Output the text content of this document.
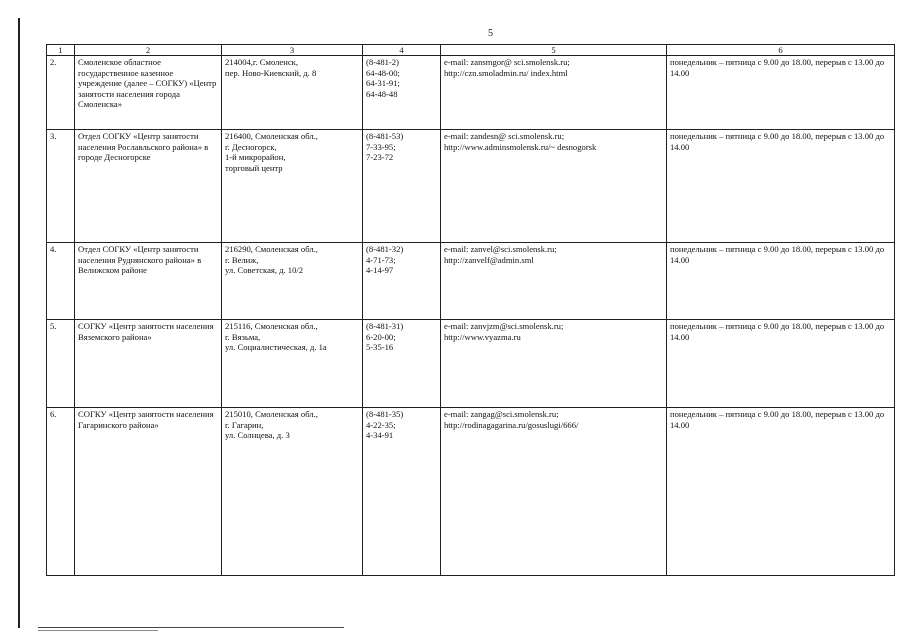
5
1	2	3	4	5	6
2.	Смоленское областное государственное казенное учреждение (далее – СОГКУ) «Центр занятости населения города Смоленска»	214004,г. Смоленск,
пер. Ново-Киевский, д. 8	(8-481-2)
64-48-00;
64-31-91;
64-48-48	e-mail: zansmgor@ sci.smolensk.ru;
http://czn.smoladmin.ru/ index.html	понедельник – пятница с 9.00 до 18.00, перерыв с 13.00 до 14.00

3.	Отдел СОГКУ «Центр занятости населения Рославльского района» в городе Десногорске	216400, Смоленская обл.,
г. Десногорск,
1-й микрорайон,
торговый центр	(8-481-53)
7-33-95;
7-23-72	e-mail: zandesn@ sci.smolensk.ru;
http://www.adminsmolensk.ru/~ desnogorsk	понедельник – пятница с 9.00 до 18.00, перерыв с 13.00 до 14.00

4.	Отдел СОГКУ «Центр занятости населения Руднянского района» в Велижском районе	216290, Смоленская обл.,
г. Велиж,
ул. Советская, д. 10/2	(8-481-32)
4-71-73;
4-14-97	e-mail: zanvel@sci.smolensk.ru;
http://zanvelf@admin.sml	понедельник – пятница с 9.00 до 18.00, перерыв с 13.00 до 14.00

5.	СОГКУ «Центр занятости населения Вяземского района»	215116, Смоленская обл.,
г. Вязьма,
ул. Социалистическая, д. 1а	(8-481-31)
6-20-00;
5-35-16	e-mail: zanvjzm@sci.smolensk.ru;
http://www.vyazma.ru	понедельник – пятница с 9.00 до 18.00, перерыв с 13.00 до 14.00

6.	СОГКУ «Центр занятости населения Гагаринского района»	215010, Смоленская обл.,
г. Гагарин,
ул. Солнцева, д. 3	(8-481-35)
4-22-35;
4-34-91	e-mail: zangag@sci.smolensk.ru;
http://rodinagagarina.ru/gosuslugi/666/	понедельник – пятница с 9.00 до 18.00, перерыв с 13.00 до 14.00
